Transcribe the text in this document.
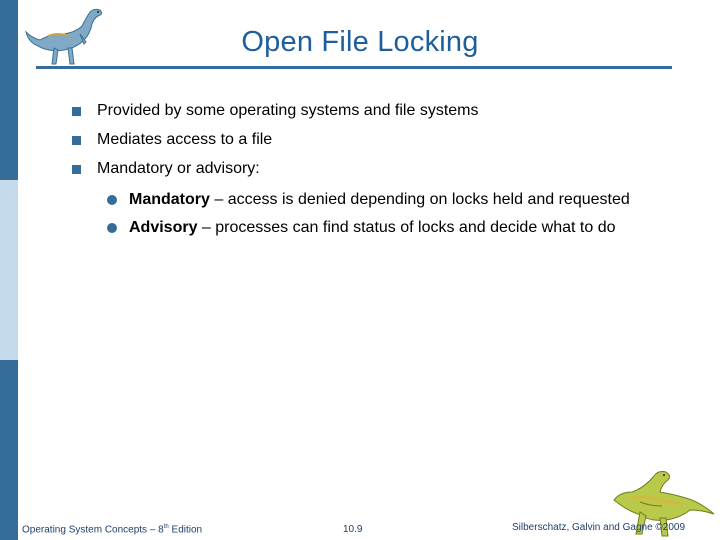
Open File Locking
Provided by some operating systems and file systems
Mediates access to a file
Mandatory or advisory:
Mandatory – access is denied depending on locks held and requested
Advisory – processes can find status of locks and decide what to do
Operating System Concepts – 8th Edition	10.9	Silberschatz, Galvin and Gagne ©2009
